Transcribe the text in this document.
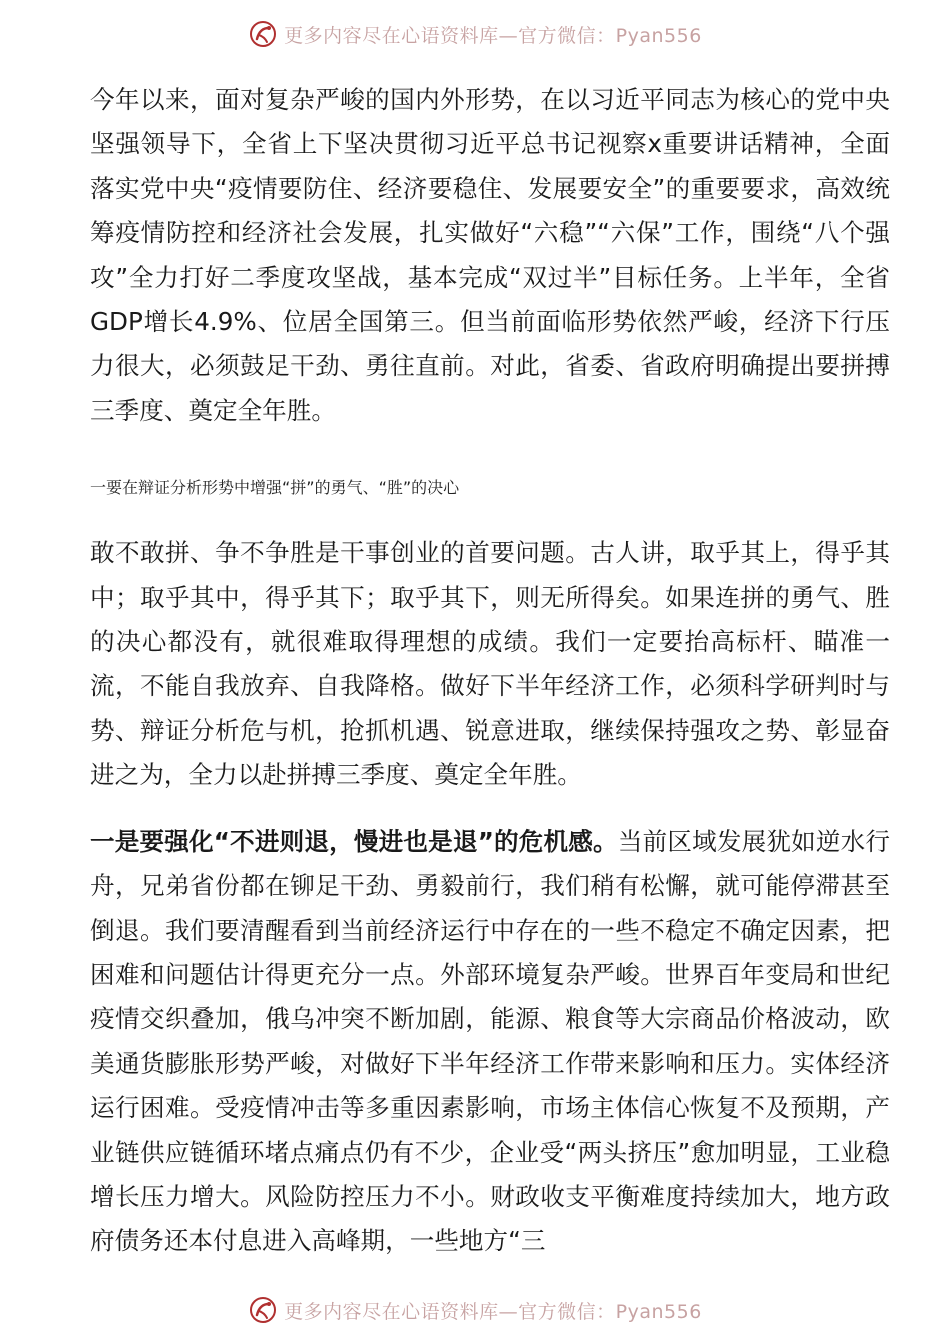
更多内容尽在心语资料库—官方微信：Pyan556

今年以来，面对复杂严峻的国内外形势，在以习近平同志为核心的党中央坚强领导下，全省上下坚决贯彻习近平总书记视察x重要讲话精神，全面落实党中央“疫情要防住、经济要稳住、发展要安全”的重要要求，高效统筹疫情防控和经济社会发展，扎实做好“六稳”“六保”工作，围绕“八个强攻”全力打好二季度攻坚战，基本完成“双过半”目标任务。上半年，全省GDP增长4.9%、位居全国第三。但当前面临形势依然严峻，经济下行压力很大，必须鼓足干劲、勇往直前。对此，省委、省政府明确提出要拼搏三季度、奠定全年胜。

一要在辩证分析形势中增强“拼”的勇气、“胜”的决心

敢不敢拼、争不争胜是干事创业的首要问题。古人讲，取乎其上，得乎其中；取乎其中，得乎其下；取乎其下，则无所得矣。如果连拼的勇气、胜的决心都没有，就很难取得理想的成绩。我们一定要抬高标杆、瞄准一流，不能自我放弃、自我降格。做好下半年经济工作，必须科学研判时与势、辩证分析危与机，抢抓机遇、锐意进取，继续保持强攻之势、彰显奋进之为，全力以赴拼搏三季度、奠定全年胜。

一是要强化“不进则退，慢进也是退”的危机感。当前区域发展犹如逆水行舟，兄弟省份都在铆足干劲、勇毅前行，我们稍有松懈，就可能停滞甚至倒退。我们要清醒看到当前经济运行中存在的一些不稳定不确定因素，把困难和问题估计得更充分一点。外部环境复杂严峻。世界百年变局和世纪疫情交织叠加，俄乌冲突不断加剧，能源、粮食等大宗商品价格波动，欧美通货膨胀形势严峻，对做好下半年经济工作带来影响和压力。实体经济运行困难。受疫情冲击等多重因素影响，市场主体信心恢复不及预期，产业链供应链循环堵点痛点仍有不少，企业受“两头挤压”愈加明显，工业稳增长压力增大。风险防控压力不小。财政收支平衡难度持续加大，地方政府债务还本付息进入高峰期，一些地方“三

更多内容尽在心语资料库—官方微信：Pyan556
